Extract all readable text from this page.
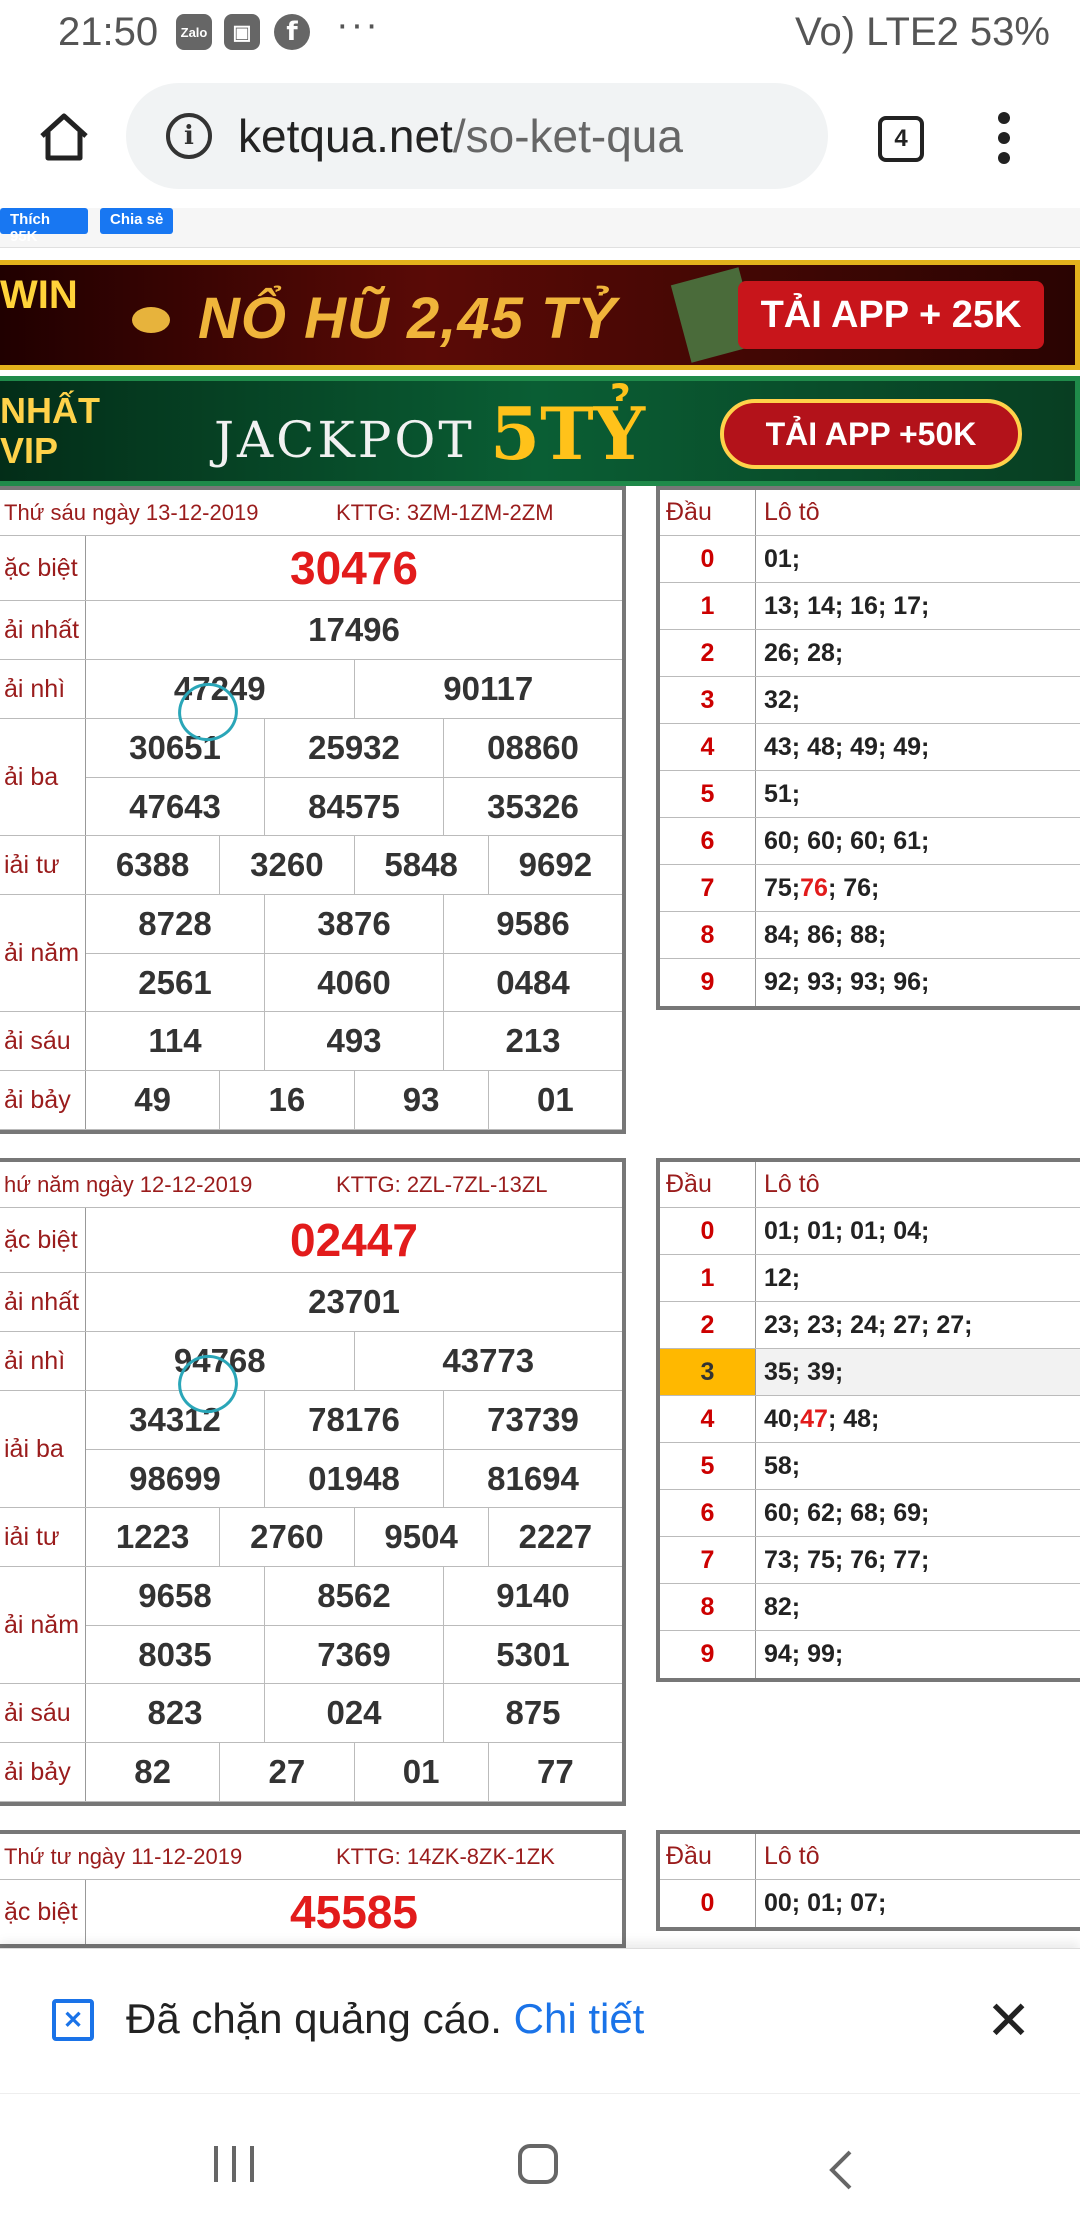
21:50	Zalo	▣	f	···	Vo) LTE2 53%
i ketqua.net/so-ket-qua	4
Thích 95K
Chia sẻ
WIN NỔ HŨ 2,45 TỶ	TẢI APP + 25K
NHẤT
VIP	JACKPOT 5TỶ	TẢI APP +50K
Thứ sáu ngày 13-12-2019	KTTG: 3ZM-1ZM-2ZM
ặc biệt	30476
ải nhất	17496
ải nhì	47249	90117
ải ba
30651	25932	08860
47643	84575	35326
iải tư	6388	3260	5848	9692
ải năm
8728	3876	9586
2561	4060	0484
ải sáu	114	493	213
ải bảy	49	16	93	01
Đầu	Lô tô
0	01;
1	13; 14; 16; 17;
2	26; 28;
3	32;
4	43; 48; 49; 49;
5	51;
6	60; 60; 60; 61;
7	75; 76 ; 76;
8	84; 86; 88;
9	92; 93; 93; 96;
hứ năm ngày 12-12-2019	KTTG: 2ZL-7ZL-13ZL
ặc biệt	02447
ải nhất	23701
ải nhì	94768	43773
iải ba
34312	78176	73739
98699	01948	81694
iải tư	1223	2760	9504	2227
ải năm
9658	8562	9140
8035	7369	5301
ải sáu	823	024	875
ải bảy	82	27	01	77
Đầu	Lô tô
0	01; 01; 01; 04;
1	12;
2	23; 23; 24; 27; 27;
3	35; 39;
4	40; 47 ; 48;
5	58;
6	60; 62; 68; 69;
7	73; 75; 76; 77;
8	82;
9	94; 99;
Thứ tư ngày 11-12-2019	KTTG: 14ZK-8ZK-1ZK
ặc biệt	45585
Đầu	Lô tô
0	00; 01; 07;
✕ Đã chặn quảng cáo. Chi tiết	✕
